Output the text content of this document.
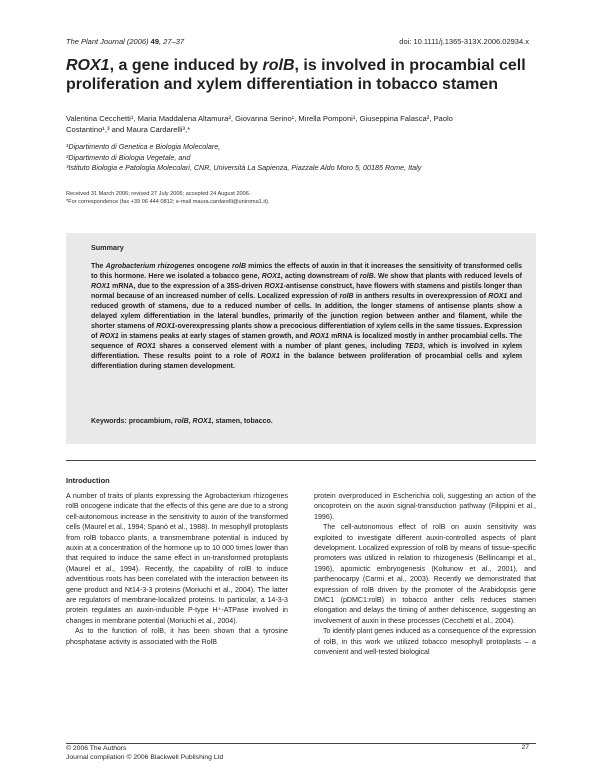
The Plant Journal (2006) 49, 27–37	doi: 10.1111/j.1365-313X.2006.02934.x
ROX1, a gene induced by rolB, is involved in procambial cell proliferation and xylem differentiation in tobacco stamen
Valentina Cecchetti¹, Maria Maddalena Altamura², Giovanna Serino¹, Mirella Pomponi¹, Giuseppina Falasca², Paolo
Costantino¹,³ and Maura Cardarelli³,*
¹Dipartimento di Genetica e Biologia Molecolare,
²Dipartimento di Biologia Vegetale, and
³Istituto Biologia e Patologia Molecolari, CNR, Università La Sapienza, Piazzale Aldo Moro 5, 00185 Rome, Italy
Received 31 March 2006; revised 27 July 2006; accepted 24 August 2006.
*For correspondence (fax +39 06 444 0812; e-mail maura.cardarelli@uniroma1.it).
Summary
The Agrobacterium rhizogenes oncogene rolB mimics the effects of auxin in that it increases the sensitivity of transformed cells to this hormone. Here we isolated a tobacco gene, ROX1, acting downstream of rolB. We show that plants with reduced levels of ROX1 mRNA, due to the expression of a 35S-driven ROX1-antisense construct, have flowers with stamens and pistils longer than normal because of an increased number of cells. Localized expression of rolB in anthers results in overexpression of ROX1 and reduced growth of stamens, due to a reduced number of cells. In addition, the longer stamens of antisense plants show a delayed xylem differentiation in the lateral bundles, primarily of the junction region between anther and filament, while the shorter stamens of ROX1-overexpressing plants show a precocious differentiation of xylem cells in the same tissues. Expression of ROX1 in stamens peaks at early stages of stamen growth, and ROX1 mRNA is localized mostly in anther procambial cells. The sequence of ROX1 shares a conserved element with a number of plant genes, including TED3, which is involved in xylem differentiation. These results point to a role of ROX1 in the balance between proliferation of procambial cells and xylem differentiation during stamen development.
Keywords: procambium, rolB, ROX1, stamen, tobacco.
Introduction

A number of traits of plants expressing the Agrobacterium rhizogenes rolB oncogene indicate that the effects of this gene are due to a strong cell-autonomous increase in the sensitivity to auxin of the transformed cells (Maurel et al., 1994; Spanò et al., 1988). In mesophyll protoplasts from rolB tobacco plants, a transmembrane potential is induced by auxin at a concentration of the hormone up to 10 000 times lower than that required to induce the same effect in un-transformed protoplasts (Maurel et al., 1994). Recently, the capability of rolB to induce adventitious roots has been correlated with the interaction between its gene product and Nt14-3-3 proteins (Moriuchi et al., 2004). The latter are regulators of membrane-localized proteins. In particular, a 14-3-3 protein regulates an auxin-inducible P-type H⁺-ATPase involved in changes in membrane potential (Moriuchi et al., 2004).

As to the function of rolB, it has been shown that a tyrosine phosphatase activity is associated with the RolB

protein overproduced in Escherichia coli, suggesting an action of the oncoprotein on the auxin signal-transduction pathway (Filippini et al., 1996).

The cell-autonomous effect of rolB on auxin sensitivity was exploited to investigate different auxin-controlled aspects of plant development. Localized expression of rolB by means of tissue-specific promoters was utilized in relation to rhizogenesis (Bellincampi et al., 1996), apomictic embryogenesis (Koltunow et al., 2001), and parthenocarpy (Carmi et al., 2003). Recently we demonstrated that expression of rolB driven by the promoter of the Arabidopsis gene DMC1 (pDMC1:rolB) in tobacco anther cells reduces stamen elongation and delays the timing of anther dehiscence, suggesting an involvement of auxin in these processes (Cecchetti et al., 2004).

To identify plant genes induced as a consequence of the expression of rolB, in this work we utilized tobacco mesophyll protoplasts – a convenient and well-tested biological

© 2006 The Authors
Journal compilation © 2006 Blackwell Publishing Ltd
27
